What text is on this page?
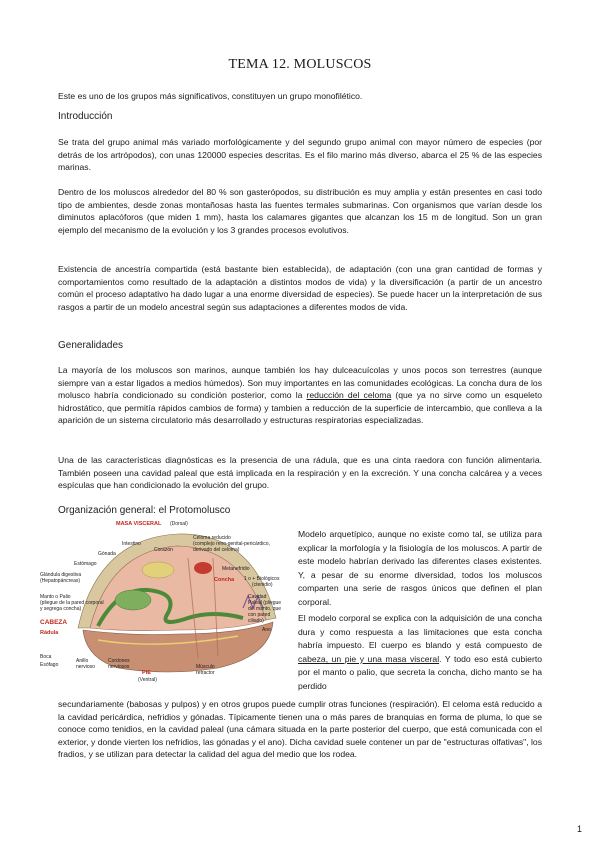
TEMA 12. MOLUSCOS
Este es uno de los grupos más significativos, constituyen un grupo monofilético.
Introducción
Se trata del grupo animal más variado morfológicamente y del segundo grupo animal con mayor número de especies (por detrás de los artrópodos), con unas 120000 especies descritas. Es el filo marino más diverso, abarca el 25 % de las especies marinas.
Dentro de los moluscos alrededor del 80 % son gasterópodos, su distribución es muy amplia y están presentes en casi todo tipo de ambientes, desde zonas montañosas hasta las fuentes termales submarinas. Con organismos que varían desde los diminutos aplacóforos (que miden 1 mm), hasta los calamares gigantes que alcanzan los 15 m de longitud. Son un gran ejemplo del mecanismo de la evolución y los 3 grandes procesos evolutivos.
Existencia de ancestría compartida (está bastante bien establecida), de adaptación (con una gran cantidad de formas y comportamientos como resultado de la adaptación a distintos modos de vida) y la diversificación (a partir de un ancestro común el proceso adaptativo ha dado lugar a una enorme diversidad de especies). Se puede hacer un la interpretación de sus rasgos a partir de un modelo ancestral según sus adaptaciones a diferentes modos de vida.
Generalidades
La mayoría de los moluscos son marinos, aunque también los hay dulceacuícolas y unos pocos son terrestres (aunque siempre van a estar ligados a medios húmedos). Son muy importantes en las comunidades ecológicas. La concha dura de los molusco habría condicionado su condición posterior, como la reducción del celoma (que ya no sirve como un esqueleto hidrostático, que permitía rápidos cambios de forma) y tambien a reducción de la superficie de intercambio, que conlleva a la aparición de un sistema circulatorio más desarrollado y estructuras respiratorias especializadas.
Una de las características diagnósticas es la presencia de una rádula, que es una cinta raedora con función alimentaria. También poseen una cavidad paleal que está implicada en la respiración y en la excreción. Y una concha calcárea y a veces espículas que han condicionado la evolución del grupo.
Organización general: el Protomolusco
MASA VISCERAL (Dorsal)
Intestino
Gónada
Corazón
Celoma reducido
(complejo reno-genital-pericárdico,
derivado del celoma)
Estómago
Glándula digestiva
(Hepatopáncreas)
Metanefridio
Concha 1 o + Biológicos
(ctenidio)
Manto o Palio
(pliegue de la pared corporal
y segrega concha)
Cavidad
Paleal (pliegue
del manto, que
con pared
ciliado)
CABEZA
Rádula	Ano
Boca
Esófago
Anillo
nervioso
Cordones
nerviosos
PIE
(Ventral)
Músculo
retractor
Modelo arquetípico, aunque no existe como tal, se utiliza para explicar la morfología y la fisiología de los moluscos. A partir de este modelo habrían derivado las diferentes clases existentes. Y, a pesar de su enorme diversidad, todos los moluscos comparten una serie de rasgos únicos que definen el plan corporal.
El modelo corporal se explica con la adquisición de una concha dura y como respuesta a las limitaciones que esta concha habría impuesto. El cuerpo es blando y está compuesto de cabeza, un pie y una masa visceral. Y todo eso está cubierto por el manto o palio, que secreta la concha, dicho manto se ha perdido
secundariamente (babosas y pulpos) y en otros grupos puede cumplir otras funciones (respiración). El celoma está reducido a la cavidad pericárdica, nefridios y gónadas. Típicamente tienen una o más pares de branquias en forma de pluma, lo que se conoce como tenidios, en la cavidad paleal (una cámara situada en la parte posterior del cuerpo, que está comunicada con el exterior, y donde vierten los nefridios, las gónadas y el ano). Dicha cavidad suele contener un par de "estructuras olfativas", los fradios, y se utilizan para detectar la calidad del agua del medio que los rodea.
1
